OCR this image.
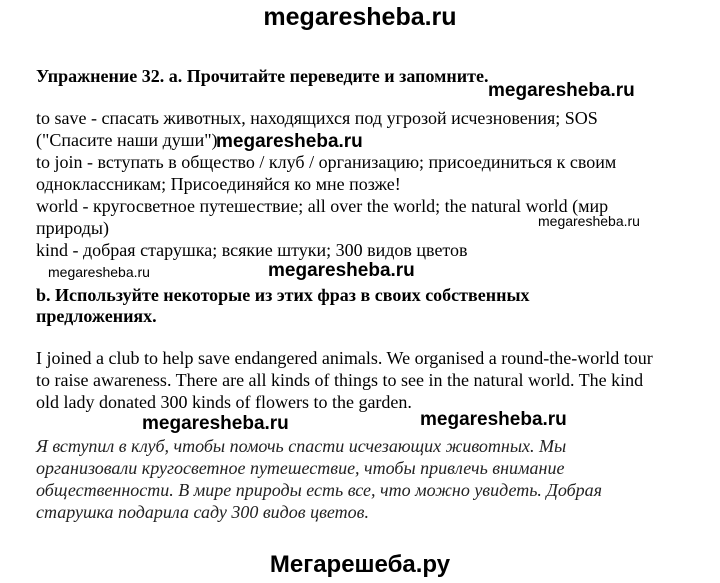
megaresheba.ru
Упражнение 32. a. Прочитайте переведите и запомните.
megaresheba.ru
to save - спасать животных, находящихся под угрозой исчезновения; SOS
("Спасите наши души")
megaresheba.ru
to join - вступать в общество / клуб / организацию; присоединиться к своим
одноклассникам; Присоединяйся ко мне позже!
world - кругосветное путешествие; all over the world; the natural world (мир
природы)	megaresheba.ru
kind - добрая старушка; всякие штуки; 300 видов цветов
megaresheba.ru	megaresheba.ru
b. Используйте некоторые из этих фраз в своих собственных
предложениях.
I joined a club to help save endangered animals. We organised a round-the-world tour
to raise awareness. There are all kinds of things to see in the natural world. The kind
old lady donated 300 kinds of flowers to the garden.
megaresheba.ru	megaresheba.ru
Я вступил в клуб, чтобы помочь спасти исчезающих животных. Мы
организовали кругосветное путешествие, чтобы привлечь внимание
общественности. В мире природы есть все, что можно увидеть. Добрая
старушка подарила саду 300 видов цветов.
Мегарешеба.ру
